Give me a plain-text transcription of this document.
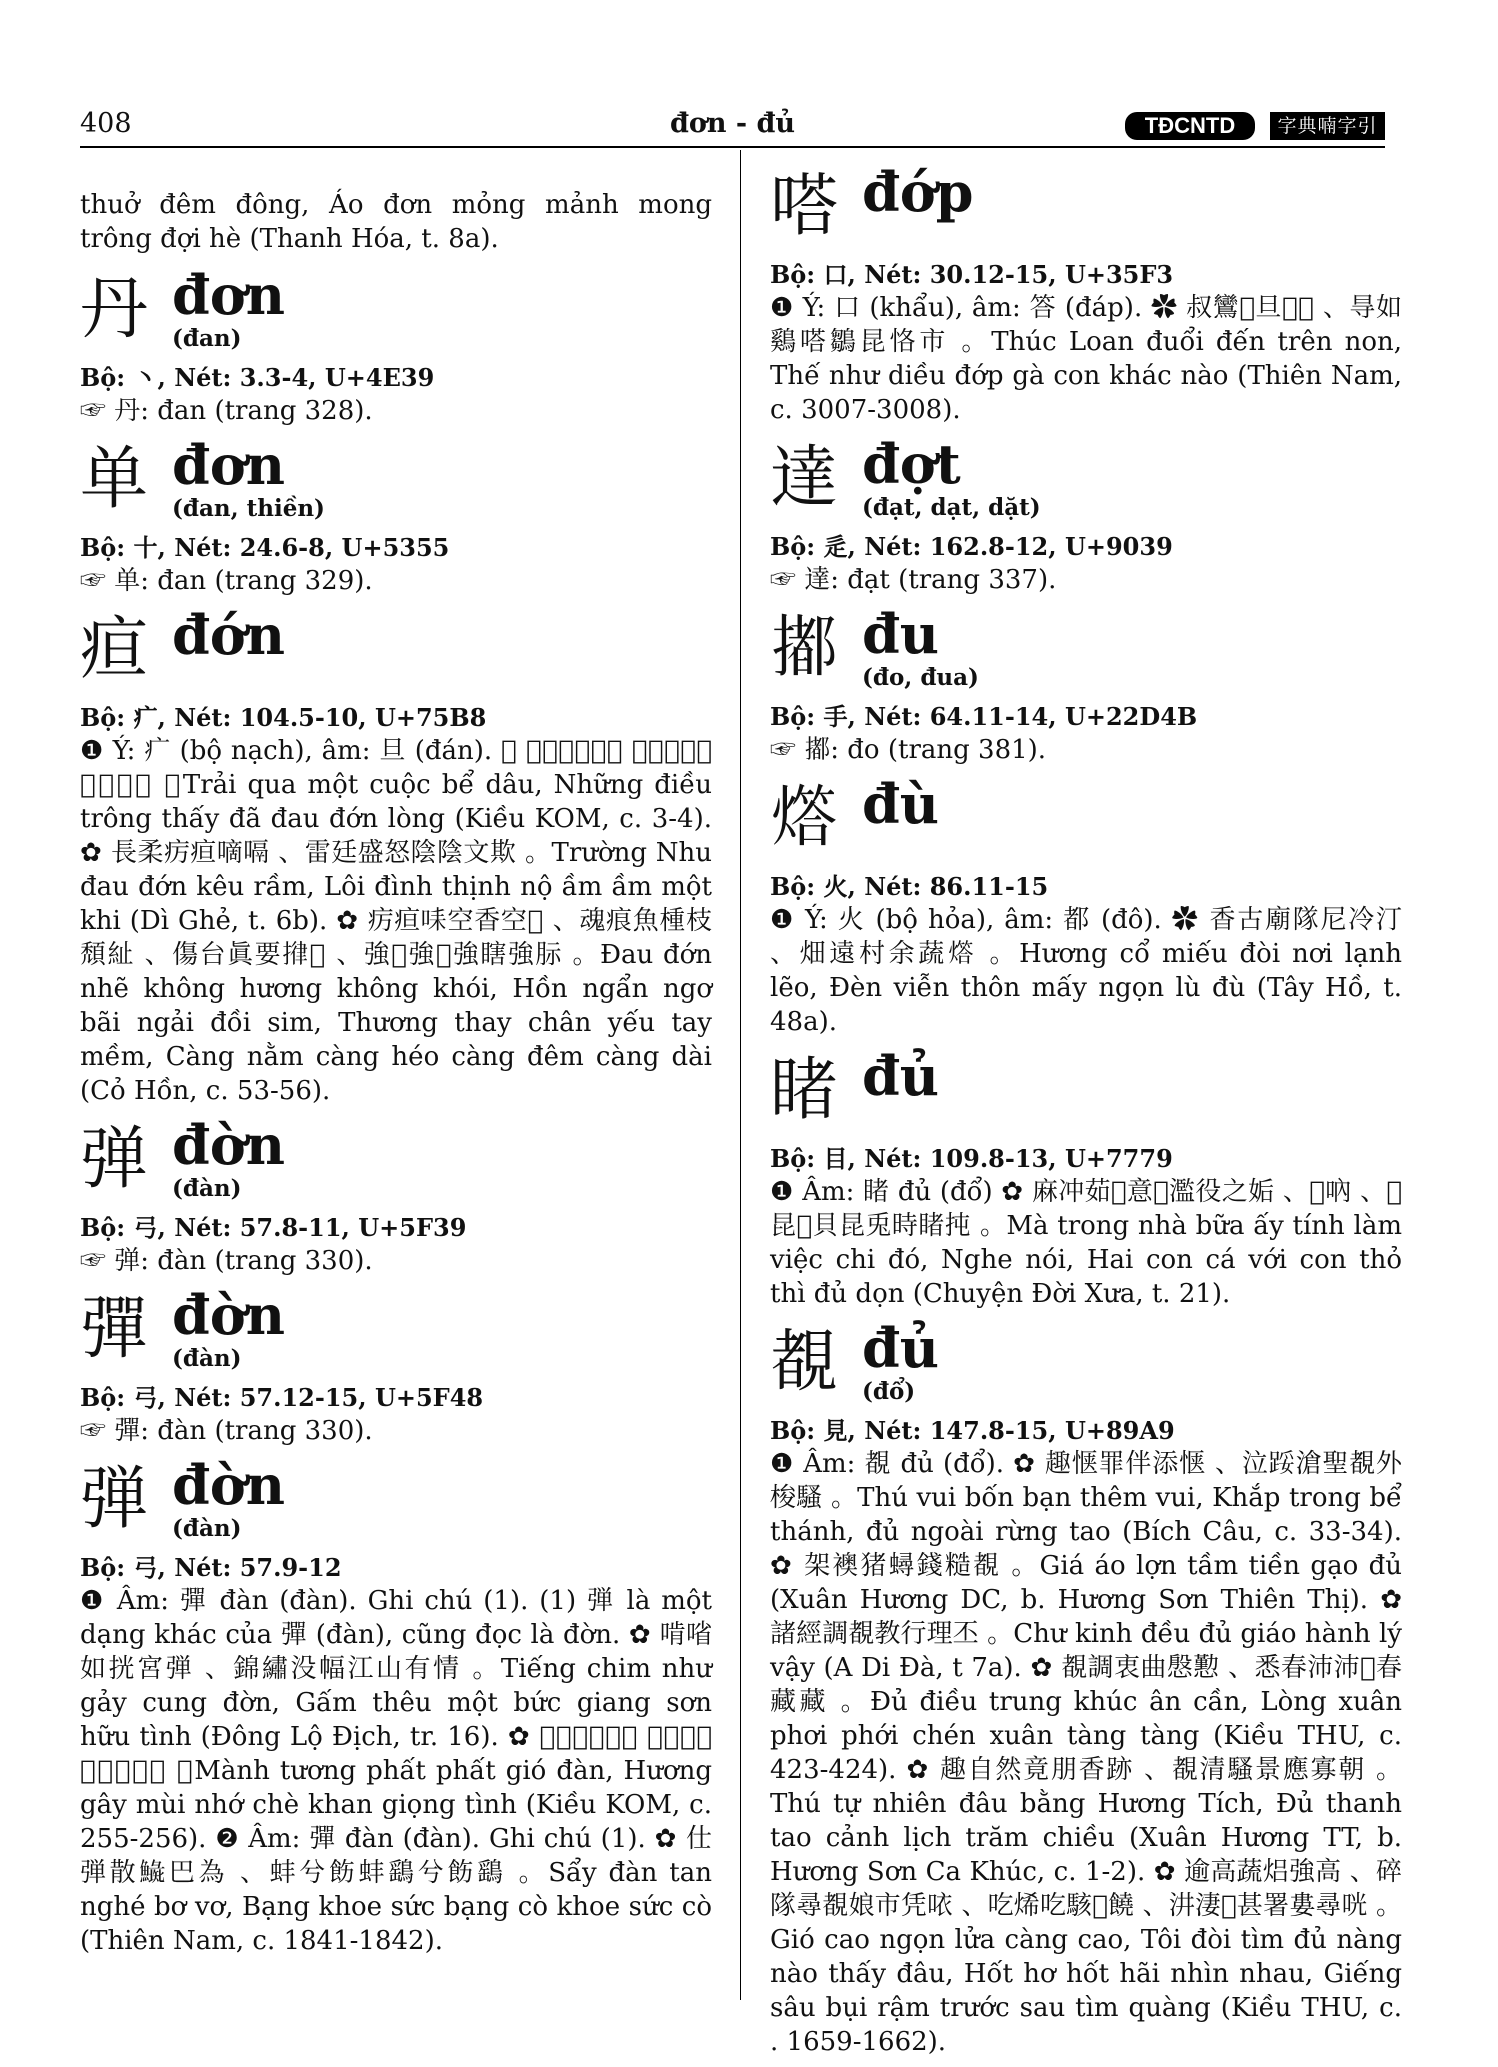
408	đơn - đủ	TĐCNTD	字典喃字引

thuở đêm đông, Áo đơn mỏng mảnh mong trông đợi hè (Thanh Hóa, t. 8a).

丹 đơn
(đan)
Bộ: 丶, Nét: 3.3-4, U+4E39

☞ 丹: đan (trang 328).

单 đơn
(đan, thiền)
Bộ: 十, Nét: 24.6-8, U+5355

☞ 单: đan (trang 329).

疸 đớn
Bộ: 疒, Nét: 104.5-10, U+75B8

❶ Ý: 疒 (bộ nạch), âm: 旦 (đán). ✿ 𠯇戈𣴓局滄桃 、仍調𥉩凭𢚸疠疸悉 。Trải qua một cuộc bể dâu, Những điều trông thấy đã đau đớn lòng (Kiều KOM, c. 3-4). ✿ 長柔疠疸嘀嗝 、雷廷盛怒陰陰文欺 。Trường Nhu đau đớn kêu rầm, Lôi đình thịnh nộ ầm ầm một khi (Dì Ghẻ, t. 6b). ✿ 疠疸𠱤空香空𤒛 、魂痕魚㮔枝頹䊼 、傷台眞要𢯰𦀊 、強𦀊強𤇊強瞎強䏡 。Đau đớn nhẽ không hương không khói, Hồn ngẩn ngơ bãi ngải đồi sim, Thương thay chân yếu tay mềm, Càng nằm càng héo càng đêm càng dài (Cỏ Hồn, c. 53-56).

弹 đờn
(đàn)
Bộ: 弓, Nét: 57.8-11, U+5F39

☞ 弹: đàn (trang 330).

彈 đờn
(đàn)
Bộ: 弓, Nét: 57.12-15, U+5F48

☞ 彈: đàn (trang 330).

弾 đờn
(đàn)
Bộ: 弓, Nét: 57.9-12

❶ Âm: 彈 đàn (đàn). Ghi chú (1). (1) 弾 là một dạng khác của 彈 (đàn), cũng đọc là đờn. ✿ 啃㗂如挄宮弾 、錦繡没幅江山有情 。Tiếng chim như gảy cung đờn, Gấm thêu một bức giang sơn hữu tình (Đông Lộ Địch, tr. 16). ✿ 𣘃湘拂拂𩙻弾 、香𩡋味𢥈茶看𠻆情 。Mành tương phất phất gió đàn, Hương gây mùi nhớ chè khan giọng tình (Kiều KOM, c. 255-256). ❷ Âm: 彈 đàn (đàn). Ghi chú (1). ✿ 仕弾散𩼍巴為 、蚌兮飭蚌鷂兮飭鷂 。Sẩy đàn tan nghé bơ vơ, Bạng khoe sức bạng cò khoe sức cò (Thiên Nam, c. 1841-1842).

嗒 đớp
Bộ: 口, Nét: 30.12-15, U+35F3

❶ Ý: 口 (khẩu), âm: 答 (đáp). ✿ 叔鸞𨀈旦𨖅𡽫 、㝵如鷄嗒鶵昆恪市 。Thúc Loan đuổi đến trên non, Thế như diều đớp gà con khác nào (Thiên Nam, c. 3007-3008).

達 đợt
(đạt, dạt, dặt)
Bộ: 辵, Nét: 162.8-12, U+9039

☞ 達: đạt (trang 337).

𢵋 đu
(đo, đua)
Bộ: 手, Nét: 64.11-14, U+22D4B

☞ 𢵋: đo (trang 381).

𤏧 đù
Bộ: 火, Nét: 86.11-15

❶ Ý: 火 (bộ hỏa), âm: 都 (đô). ✿ 香古廟隊尼冷汀 、畑遠村余蔬𤏧 。Hương cổ miếu đòi nơi lạnh lẽo, Đèn viễn thôn mấy ngọn lù đù (Tây Hồ, t. 48a).

睹 đủ
Bộ: 目, Nét: 109.8-13, U+7779

❶ Âm: 睹 đủ (đổ) ✿ 麻冲茹𩛷意𠊛濫役之姤 、𠿾吶 、𠀧昆𩵜貝昆兎時睹扽 。Mà trong nhà bữa ấy tính làm việc chi đó, Nghe nói, Hai con cá với con thỏ thì đủ dọn (Chuyện Đời Xưa, t. 21).

覩 đủ
(đổ)
Bộ: 見, Nét: 147.8-15, U+89A9

❶ Âm: 覩 đủ (đổ). ✿ 趣惬罪伴添惬 、泣𨁡滄聖覩外梭騷 。Thú vui bốn bạn thêm vui, Khắp trong bể thánh, đủ ngoài rừng tao (Bích Câu, c. 33-34). ✿ 架襖猪蟳錢糙覩 。Giá áo lợn tầm tiền gạo đủ (Xuân Hương DC, b. Hương Sơn Thiên Thị). ✿ 諸經調覩教行理丕 。Chư kinh đều đủ giáo hành lý vậy (A Di Đà, t 7a). ✿ 覩調衷曲慇懃 、悉春沛沛𩵜春藏藏 。Đủ điều trung khúc ân cần, Lòng xuân phơi phới chén xuân tàng tàng (Kiều THU, c. 423-424). ✿ 趣自然竟朋香跡 、覩清騷景應寡朝 。Thú tự nhiên đâu bằng Hương Tích, Đủ thanh tao cảnh lịch trăm chiều (Xuân Hương TT, b. Hương Sơn Ca Khúc, c. 1-2). ✿ 逾高蔬焒強高 、碎隊尋覩娘市凭𠲖 、吃烯吃駭𧡊饒 、汫淒𠯇甚署婁尋咣 。Gió cao ngọn lửa càng cao, Tôi đòi tìm đủ nàng nào thấy đâu, Hốt hơ hốt hãi nhìn nhau, Giếng sâu bụi rậm trước sau tìm quàng (Kiều THU, c. . 1659-1662).
